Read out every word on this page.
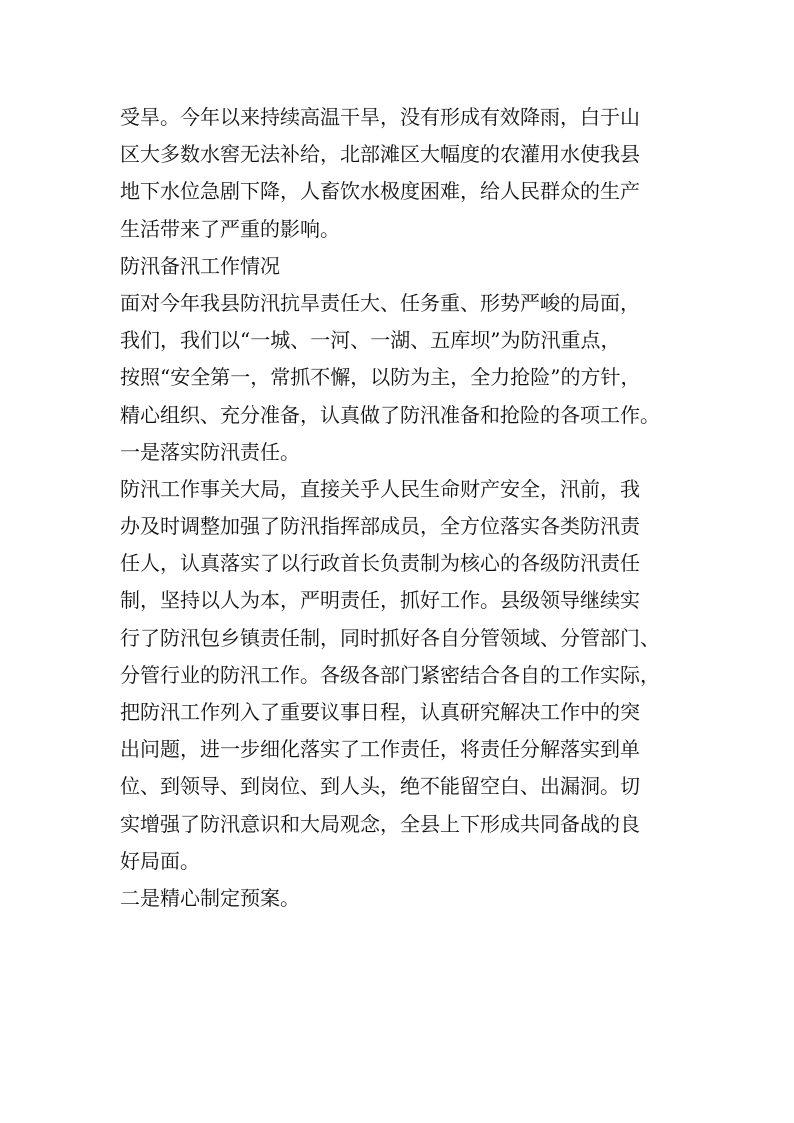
受旱。今年以来持续高温干旱，没有形成有效降雨，白于山
区大多数水窖无法补给，北部滩区大幅度的农灌用水使我县
地下水位急剧下降，人畜饮水极度困难，给人民群众的生产
生活带来了严重的影响。
防汛备汛工作情况
面对今年我县防汛抗旱责任大、任务重、形势严峻的局面，
我们，我们以“一城、一河、一湖、五库坝”为防汛重点，
按照“安全第一，常抓不懈，以防为主，全力抢险”的方针，
精心组织、充分准备，认真做了防汛准备和抢险的各项工作。
一是落实防汛责任。
防汛工作事关大局，直接关乎人民生命财产安全，汛前，我
办及时调整加强了防汛指挥部成员，全方位落实各类防汛责
任人，认真落实了以行政首长负责制为核心的各级防汛责任
制，坚持以人为本，严明责任，抓好工作。县级领导继续实
行了防汛包乡镇责任制，同时抓好各自分管领域、分管部门、
分管行业的防汛工作。各级各部门紧密结合各自的工作实际，
把防汛工作列入了重要议事日程，认真研究解决工作中的突
出问题，进一步细化落实了工作责任，将责任分解落实到单
位、到领导、到岗位、到人头，绝不能留空白、出漏洞。切
实增强了防汛意识和大局观念，全县上下形成共同备战的良
好局面。
二是精心制定预案。
